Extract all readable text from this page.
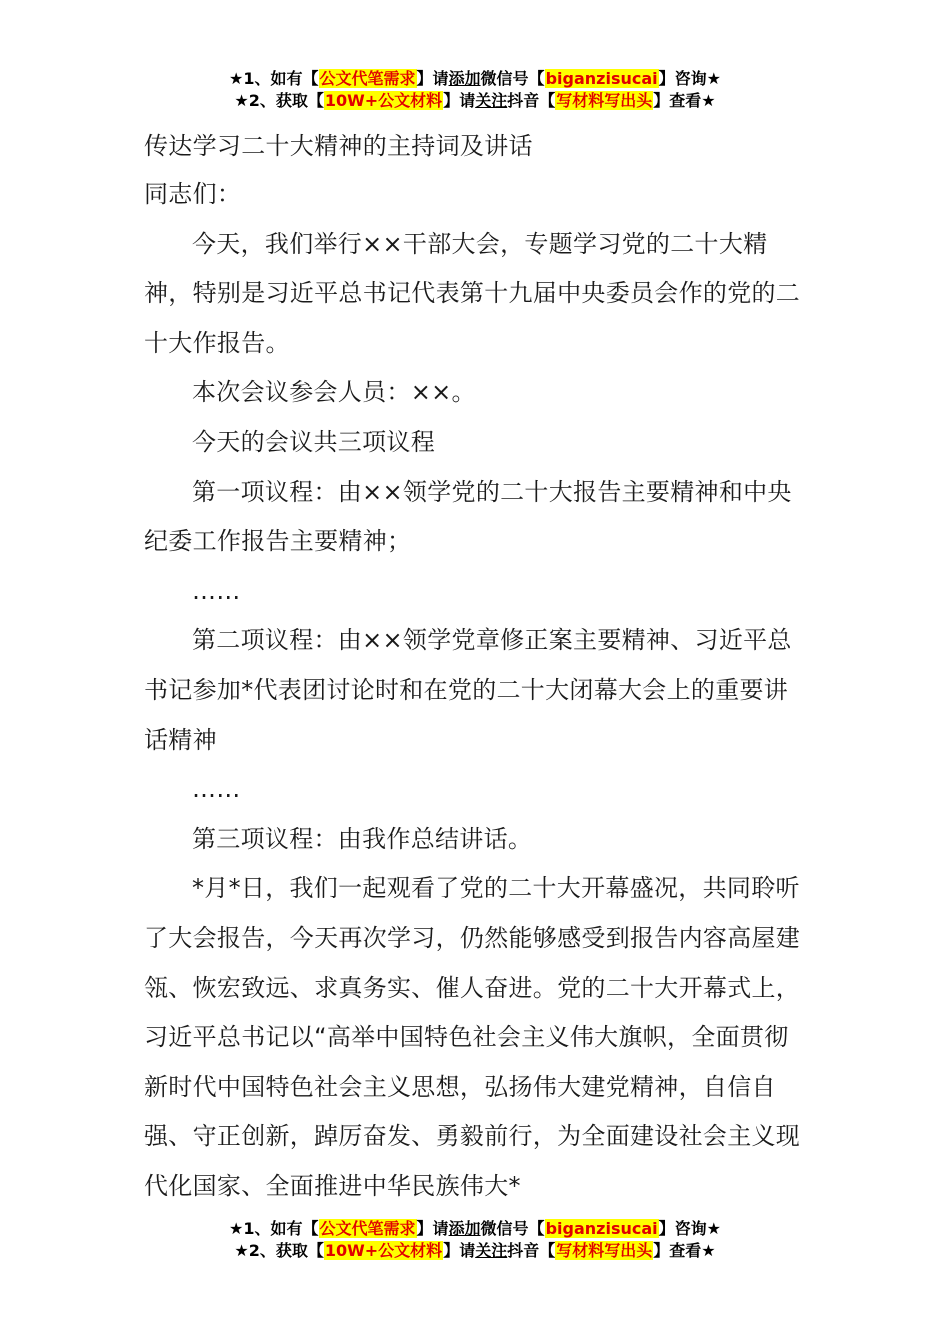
★1、如有【公文代笔需求】请添加微信号【biganzisucai】咨询★
★2、获取【10W+公文材料】请关注抖音【写材料写出头】查看★

传达学习二十大精神的主持词及讲话

同志们：

今天，我们举行××干部大会，专题学习党的二十大精神，特别是习近平总书记代表第十九届中央委员会作的党的二十大作报告。

本次会议参会人员：××。

今天的会议共三项议程

第一项议程：由××领学党的二十大报告主要精神和中央纪委工作报告主要精神；

……

第二项议程：由××领学党章修正案主要精神、习近平总书记参加*代表团讨论时和在党的二十大闭幕大会上的重要讲话精神

……

第三项议程：由我作总结讲话。

*月*日，我们一起观看了党的二十大开幕盛况，共同聆听了大会报告，今天再次学习，仍然能够感受到报告内容高屋建瓴、恢宏致远、求真务实、催人奋进。党的二十大开幕式上，习近平总书记以“高举中国特色社会主义伟大旗帜，全面贯彻新时代中国特色社会主义思想，弘扬伟大建党精神，自信自强、守正创新，踔厉奋发、勇毅前行，为全面建设社会主义现代化国家、全面推进中华民族伟大*

★1、如有【公文代笔需求】请添加微信号【biganzisucai】咨询★
★2、获取【10W+公文材料】请关注抖音【写材料写出头】查看★
